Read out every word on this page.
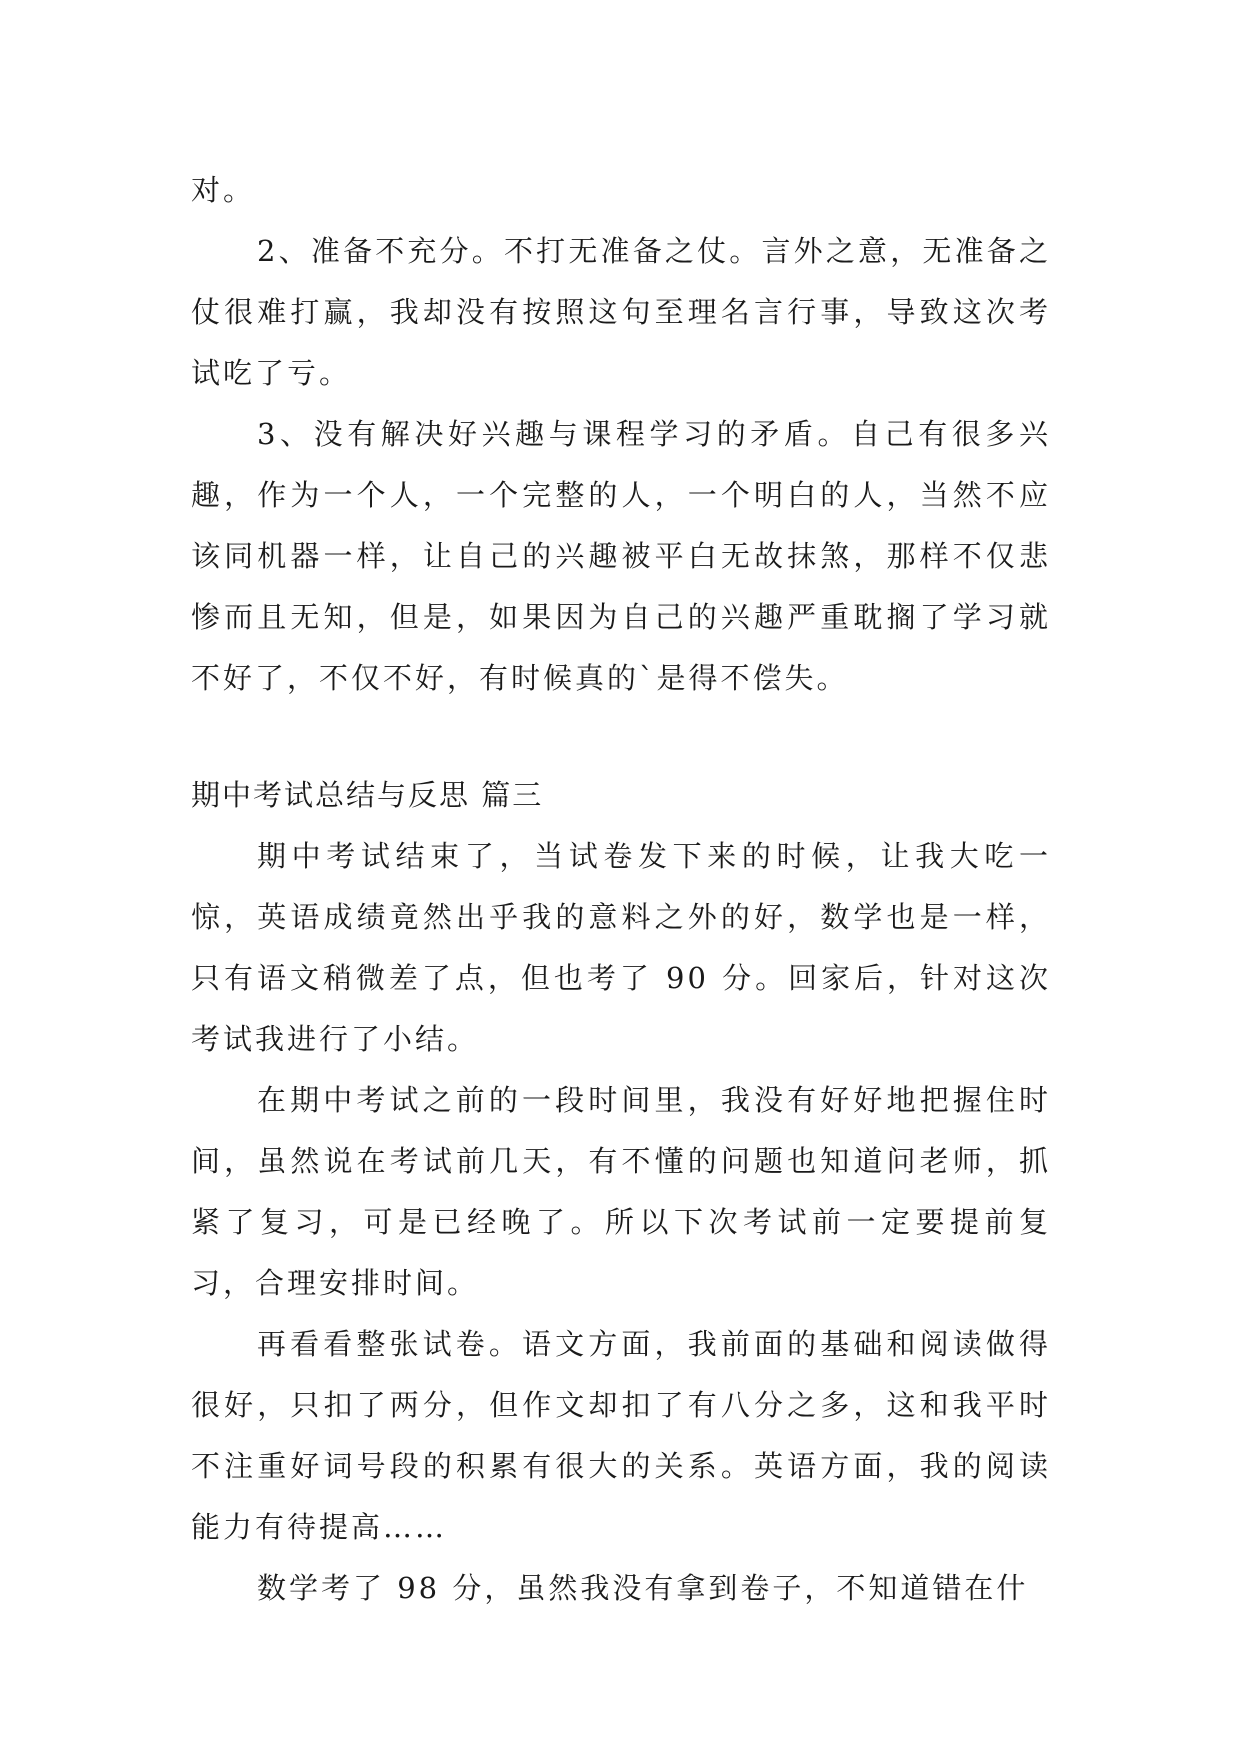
对。

2、准备不充分。不打无准备之仗。言外之意，无准备之仗很难打赢，我却没有按照这句至理名言行事，导致这次考试吃了亏。

3、没有解决好兴趣与课程学习的矛盾。自己有很多兴趣，作为一个人，一个完整的人，一个明白的人，当然不应该同机器一样，让自己的兴趣被平白无故抹煞，那样不仅悲惨而且无知，但是，如果因为自己的兴趣严重耽搁了学习就不好了，不仅不好，有时候真的`是得不偿失。

期中考试总结与反思 篇三

期中考试结束了，当试卷发下来的时候，让我大吃一惊，英语成绩竟然出乎我的意料之外的好，数学也是一样，只有语文稍微差了点，但也考了 90 分。回家后，针对这次考试我进行了小结。

在期中考试之前的一段时间里，我没有好好地把握住时间，虽然说在考试前几天，有不懂的问题也知道问老师，抓紧了复习，可是已经晚了。所以下次考试前一定要提前复习，合理安排时间。

再看看整张试卷。语文方面，我前面的基础和阅读做得很好，只扣了两分，但作文却扣了有八分之多，这和我平时不注重好词号段的积累有很大的关系。英语方面，我的阅读能力有待提高……

数学考了 98 分，虽然我没有拿到卷子，不知道错在什
